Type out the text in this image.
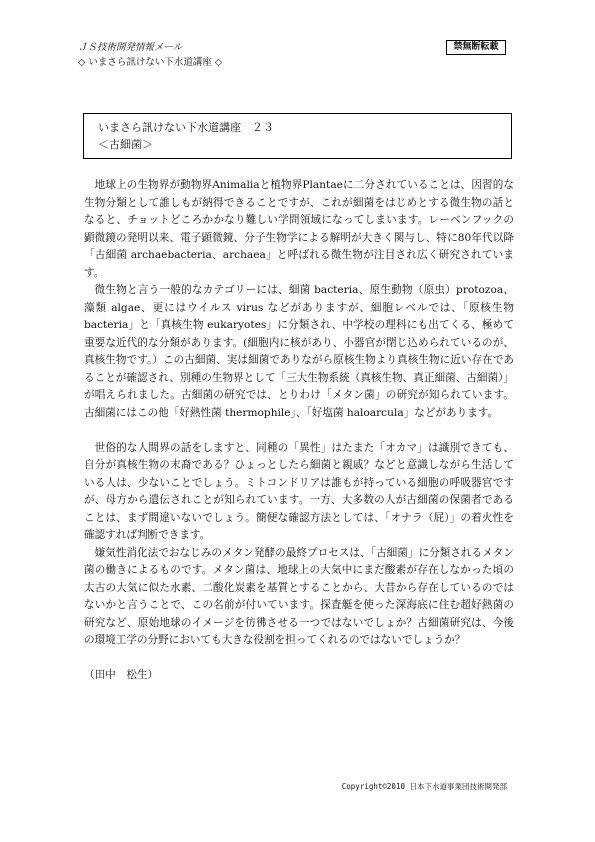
ＪＳ技術開発情報メール
◇ いまさら訊けない下水道講座 ◇
禁無断転載
いまさら訊けない下水道講座　２３
＜古細菌＞

地球上の生物界が動物界Animaliaと植物界Plantaeに二分されていることは、因習的な生物分類として誰しもが納得できることですが、これが細菌をはじめとする微生物の話となると、チョットどころかかなり難しい学問領域になってしまいます。レーベンフックの顕微鏡の発明以来、電子顕微鏡、分子生物学による解明が大きく関与し、特に80年代以降「古細菌 archaebacteria、archaea」と呼ばれる微生物が注目され広く研究されています。

微生物と言う一般的なカテゴリーには、細菌 bacteria、原生動物（原虫）protozoa、藻類 algae、更にはウイルス virus などがありますが、細胞レベルでは、「原核生物 bacteria」と「真核生物 eukaryotes」に分類され、中学校の理科にも出てくる、極めて重要な近代的な分類があります。(細胞内に核があり、小器官が閉じ込められているのが、真核生物です。）この古細菌、実は細菌でありながら原核生物より真核生物に近い存在であることが確認され、別種の生物界として「三大生物系統（真核生物、真正細菌、古細菌）」が唱えられました。古細菌の研究では、とりわけ「メタン菌」の研究が知られています。古細菌にはこの他「好熱性菌 thermophile」、「好塩菌 haloarcula」などがあります。

世俗的な人間界の話をしますと、同種の「異性」はたまた「オカマ」は識別できても、自分が真核生物の末裔である？ひょっとしたら細菌と親戚？などと意識しながら生活している人は、少ないことでしょう。ミトコンドリアは誰もが持っている細胞の呼吸器官ですが、母方から遺伝されことが知られています。一方、大多数の人が古細菌の保菌者であることは、まず間違いないでしょう。簡便な確認方法としては、「オナラ（屁）」の着火性を確認すれば判断できます。

嫌気性消化法でおなじみのメタン発酵の最終プロセスは、「古細菌」に分類されるメタン菌の働きによるものです。メタン菌は、地球上の大気中にまだ酸素が存在しなかった頃の太古の大気に似た水素、二酸化炭素を基質とすることから、大昔から存在しているのではないかと言うことで、この名前が付いています。探査艇を使った深海底に住む超好熱菌の研究など、原始地球のイメージを彷彿させる一つではないでしょか？古細菌研究は、今後の環境工学の分野においても大きな役割を担ってくれるのではないでしょうか？

（田中　松生）

Copyright©2010 日本下水道事業団技術開発部
